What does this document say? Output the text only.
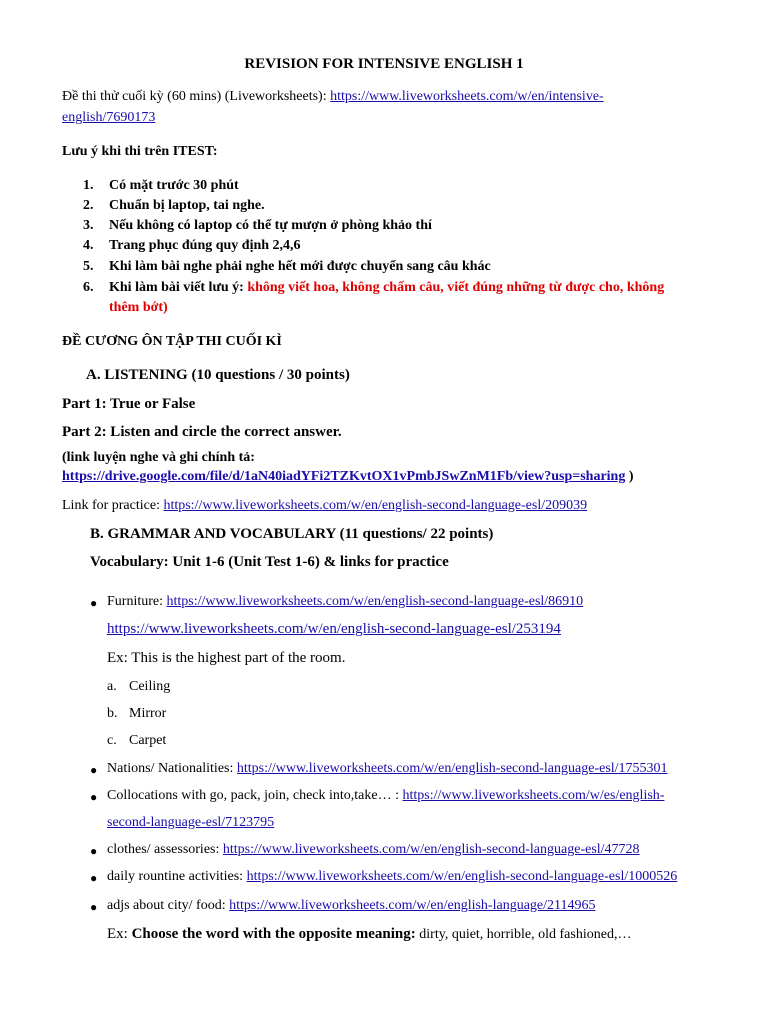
REVISION FOR INTENSIVE ENGLISH 1
Đề thi thử cuối kỳ (60 mins) (Liveworksheets): https://www.liveworksheets.com/w/en/intensive-
english/7690173
Lưu ý khi thi trên ITEST:
1. Có mặt trước 30 phút
2. Chuẩn bị laptop, tai nghe.
3. Nếu không có laptop có thể tự mượn ở phòng khảo thí
4. Trang phục đúng quy định 2,4,6
5. Khi làm bài nghe phải nghe hết mới được chuyển sang câu khác
6. Khi làm bài viết lưu ý: không viết hoa, không chấm câu, viết đúng những từ được cho, không
thêm bớt)
ĐỀ CƯƠNG ÔN TẬP THI CUỐI KÌ
A. LISTENING (10 questions / 30 points)
Part 1: True or False
Part 2: Listen and circle the correct answer.
(link luyện nghe và ghi chính tả:
https://drive.google.com/file/d/1aN40iadYFi2TZKvtOX1vPmbJSwZnM1Fb/view?usp=sharing )
Link for practice: https://www.liveworksheets.com/w/en/english-second-language-esl/209039
B. GRAMMAR AND VOCABULARY (11 questions/ 22 points)
Vocabulary: Unit 1-6 (Unit Test 1-6) & links for practice
● Furniture: https://www.liveworksheets.com/w/en/english-second-language-esl/86910
https://www.liveworksheets.com/w/en/english-second-language-esl/253194
Ex: This is the highest part of the room.
a. Ceiling
b. Mirror
c. Carpet
● Nations/ Nationalities: https://www.liveworksheets.com/w/en/english-second-language-esl/1755301
● Collocations with go, pack, join, check into,take… : https://www.liveworksheets.com/w/es/english-
second-language-esl/7123795
● clothes/ assessories: https://www.liveworksheets.com/w/en/english-second-language-esl/47728
● daily rountine activities: https://www.liveworksheets.com/w/en/english-second-language-esl/1000526
● adjs about city/ food: https://www.liveworksheets.com/w/en/english-language/2114965
Ex: Choose the word with the opposite meaning: dirty, quiet, horrible, old fashioned,…
